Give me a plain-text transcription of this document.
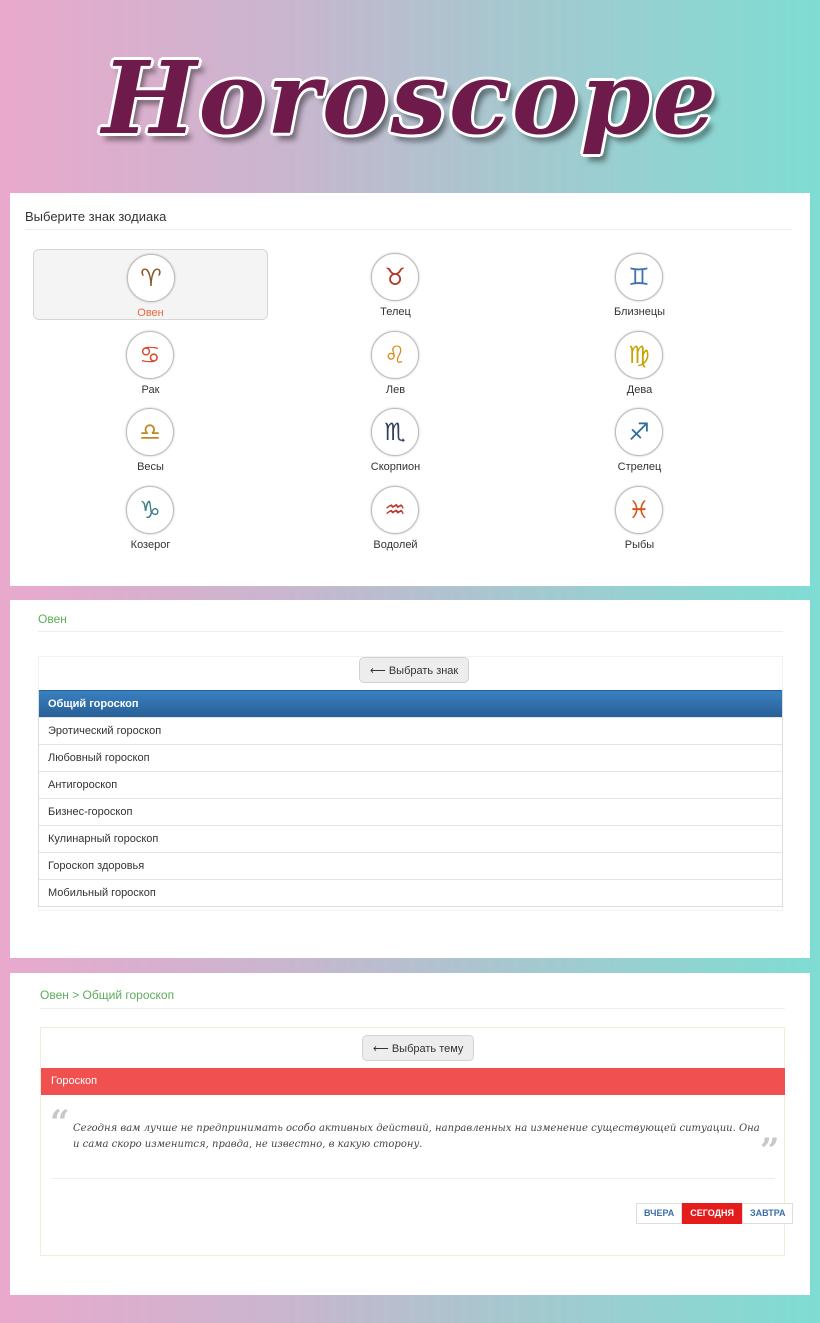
Horoscope
Выберите знак зодиака
♈
Овен
♉
Телец
♊
Близнецы
♋
Рак
♌
Лев
♍
Дева
♎
Весы
♏
Скорпион
♐
Стрелец
♑
Козерог
♒
Водолей
♓
Рыбы
Овен
⟵ Выбрать знак
Общий гороскоп
Эротический гороскоп
Любовный гороскоп
Антигороскоп
Бизнес-гороскоп
Кулинарный гороскоп
Гороскоп здоровья
Мобильный гороскоп
Овен > Общий гороскоп
⟵ Выбрать тему
Гороскоп
“ Сегодня вам лучше не предпринимать особо активных действий, направленных на изменение существующей ситуации. Она и сама скоро изменится, правда, не известно, в какую сторону.	”
ВЧЕРА	СЕГОДНЯ	ЗАВТРА
